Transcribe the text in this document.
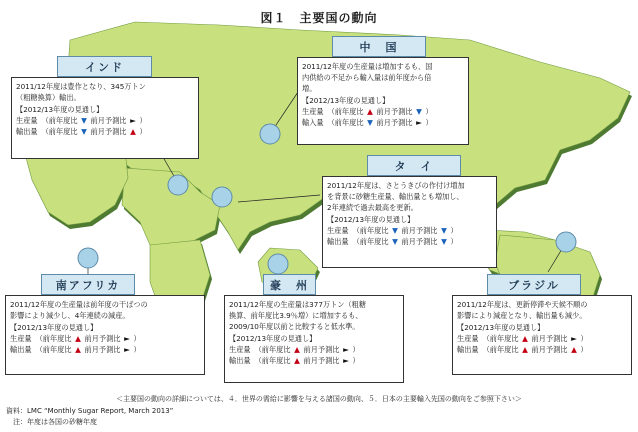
図１　主要国の動向
インド
2011/12年度は豊作となり、345万トン
（粗糖換算）輸出。
【2012/13年度の見通し】
生産量 （前年度比 ▼ 前月予測比 ► ）
輸出量 （前年度比 ▼ 前月予測比 ▲ ）
中　国
2011/12年度の生産量は増加するも、国
内供給の不足から輸入量は前年度から倍
増。
【2012/13年度の見通し】
生産量 （前年度比 ▲ 前月予測比 ▼ ）
輸入量 （前年度比 ▼ 前月予測比 ► ）
タ　イ
2011/12年度は、さとうきびの作付け増加
を背景に砂糖生産量、輸出量とも増加し、
2年連続で過去最高を更新。
【2012/13年度の見通し】
生産量 （前年度比 ▼ 前月予測比 ▼ ）
輸出量 （前年度比 ▼ 前月予測比 ▼ ）
南アフリカ
2011/12年度の生産量は前年度の干ばつの
影響により減少し、4年連続の減産。
【2012/13年度の見通し】
生産量 （前年度比 ▲ 前月予測比 ► ）
輸出量 （前年度比 ▲ 前月予測比 ► ）
豪　州
2011/12年度の生産量は377万トン（粗糖
換算、前年度比3.9％増）に増加するも、
2009/10年度以前と比較すると低水準。
【2012/13年度の見通し】
生産量 （前年度比 ▲ 前月予測比 ► ）
輸出量 （前年度比 ▲ 前月予測比 ► ）
ブラジル
2011/12年度は、更新停滞や天候不順の
影響により減産となり、輸出量も減少。
【2012/13年度の見通し】
生産量 （前年度比 ▲ 前月予測比 ► ）
輸出量 （前年度比 ▲ 前月予測比 ▲ ）
＜主要国の動向の詳細については、４．世界の需給に影響を与える諸国の動向、５．日本の主要輸入先国の動向をご参照下さい＞
資料：LMC “Monthly Sugar Report, March 2013”
　注：年度は各国の砂糖年度
